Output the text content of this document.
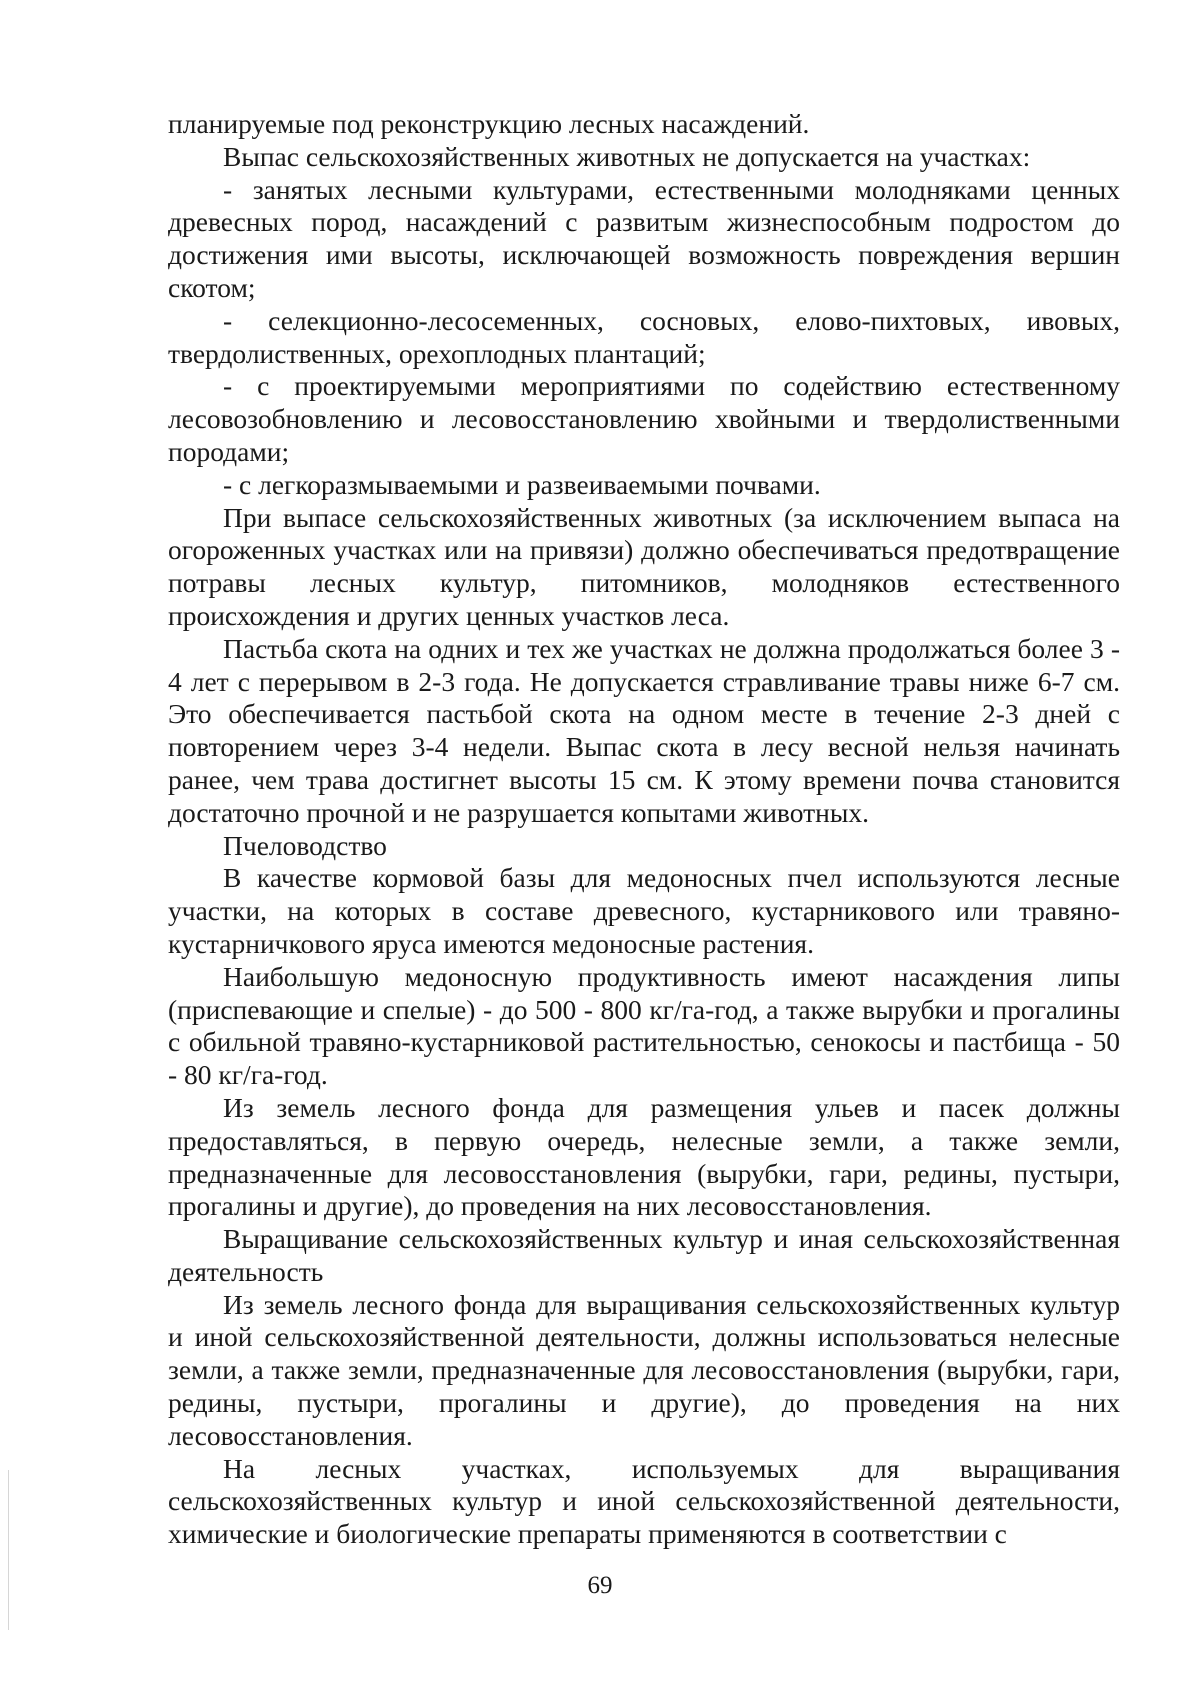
планируемые под реконструкцию лесных насаждений.

Выпас сельскохозяйственных животных не допускается на участках:

- занятых лесными культурами, естественными молодняками ценных древесных пород, насаждений с развитым жизнеспособным подростом до достижения ими высоты, исключающей возможность повреждения вершин скотом;

- селекционно-лесосеменных, сосновых, елово-пихтовых, ивовых, твердолиственных, орехоплодных плантаций;

- с проектируемыми мероприятиями по содействию естественному лесовозобновлению и лесовосстановлению хвойными и твердолиственными породами;

- с легкоразмываемыми и развеиваемыми почвами.

При выпасе сельскохозяйственных животных (за исключением выпаса на огороженных участках или на привязи) должно обеспечиваться предотвращение потравы лесных культур, питомников, молодняков естественного происхождения и других ценных участков леса.

Пастьба скота на одних и тех же участках не должна продолжаться более 3 - 4 лет с перерывом в 2-3 года. Не допускается стравливание травы ниже 6-7 см. Это обеспечивается пастьбой скота на одном месте в течение 2-3 дней с повторением через 3-4 недели. Выпас скота в лесу весной нельзя начинать ранее, чем трава достигнет высоты 15 см. К этому времени почва становится достаточно прочной и не разрушается копытами животных.

Пчеловодство

В качестве кормовой базы для медоносных пчел используются лесные участки, на которых в составе древесного, кустарникового или травяно-кустарничкового яруса имеются медоносные растения.

Наибольшую медоносную продуктивность имеют насаждения липы (приспевающие и спелые) - до 500 - 800 кг/га-год, а также вырубки и прогалины с обильной травяно-кустарниковой растительностью, сенокосы и пастбища - 50 - 80 кг/га-год.

Из земель лесного фонда для размещения ульев и пасек должны предоставляться, в первую очередь, нелесные земли, а также земли, предназначенные для лесовосстановления (вырубки, гари, редины, пустыри, прогалины и другие), до проведения на них лесовосстановления.

Выращивание сельскохозяйственных культур и иная сельскохозяйственная деятельность

Из земель лесного фонда для выращивания сельскохозяйственных культур и иной сельскохозяйственной деятельности, должны использоваться нелесные земли, а также земли, предназначенные для лесовосстановления (вырубки, гари, редины, пустыри, прогалины и другие), до проведения на них лесовосстановления.

На лесных участках, используемых для выращивания сельскохозяйственных культур и иной сельскохозяйственной деятельности, химические и биологические препараты применяются в соответствии с

69
